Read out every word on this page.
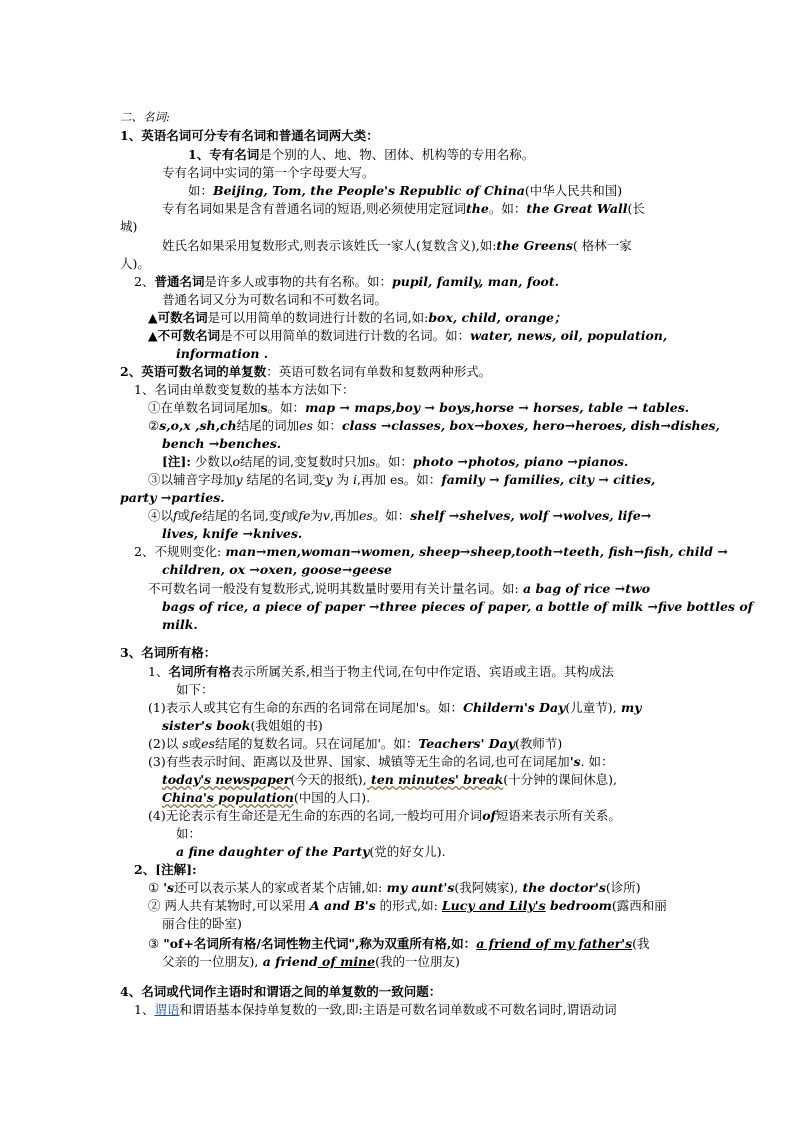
二、名词:
1、英语名词可分专有名词和普通名词两大类：
1、专有名词是个别的人、地、物、团体、机构等的专用名称。
专有名词中实词的第一个字母要大写。
如：Beijing, Tom, the People's Republic of China(中华人民共和国)
专有名词如果是含有普通名词的短语,则必须使用定冠词the。如：the Great Wall(长
城)
姓氏名如果采用复数形式,则表示该姓氏一家人(复数含义),如:the Greens( 格林一家
人)。
2、普通名词是许多人或事物的共有名称。如：pupil, family, man, foot.
普通名词又分为可数名词和不可数名词。
▲可数名词是可以用简单的数词进行计数的名词,如:box, child, orange；
▲不可数名词是不可以用简单的数词进行计数的名词。如：water, news, oil, population,
information .
2、英语可数名词的单复数：英语可数名词有单数和复数两种形式。
1、名词由单数变复数的基本方法如下：
①在单数名词词尾加s。如：map → maps,boy → boys,horse → horses, table → tables.
②s,o,x ,sh,ch结尾的词加es 如：class →classes, box→boxes, hero→heroes, dish→dishes,
bench →benches.
[注]: 少数以o结尾的词,变复数时只加s。如：photo →photos, piano →pianos.
③以辅音字母加y 结尾的名词,变y 为 i,再加 es。如：family → families, city → cities,
party →parties.
④以f或fe结尾的名词,变f或fe为v,再加es。如：shelf →shelves, wolf →wolves, life→
lives, knife →knives.
2、不规则变化: man→men,woman→women, sheep→sheep,tooth→teeth, fish→fish, child →
children, ox →oxen, goose→geese
不可数名词一般没有复数形式,说明其数量时要用有关计量名词。如: a bag of rice →two
bags of rice, a piece of paper →three pieces of paper, a bottle of milk →five bottles of
milk.
3、名词所有格：
1、名词所有格表示所属关系,相当于物主代词,在句中作定语、宾语或主语。其构成法
如下：
(1)表示人或其它有生命的东西的名词常在词尾加's。如：Childern's Day(儿童节), my
sister's book(我姐姐的书)
(2)以 s或es结尾的复数名词。只在词尾加'。如：Teachers' Day(教师节)
(3)有些表示时间、距离以及世界、国家、城镇等无生命的名词,也可在词尾加's. 如：
today's newspaper(今天的报纸), ten minutes' break(十分钟的课间休息),
China's population(中国的人口).
(4)无论表示有生命还是无生命的东西的名词,一般均可用介词of短语来表示所有关系。
如：
a fine daughter of the Party(党的好女儿).
2、[注解]:
① 's还可以表示某人的家或者某个店铺,如: my aunt's(我阿姨家), the doctor's(诊所)
② 两人共有某物时,可以采用 A and B's 的形式,如: Lucy and Lily's bedroom(露西和丽
丽合住的卧室)
③ "of+名词所有格/名词性物主代词",称为双重所有格,如：a friend of my father's(我
父亲的一位朋友), a friend of mine(我的一位朋友)
4、名词或代词作主语时和谓语之间的单复数的一致问题：
1、谓语和谓语基本保持单复数的一致,即:主语是可数名词单数或不可数名词时,谓语动词
